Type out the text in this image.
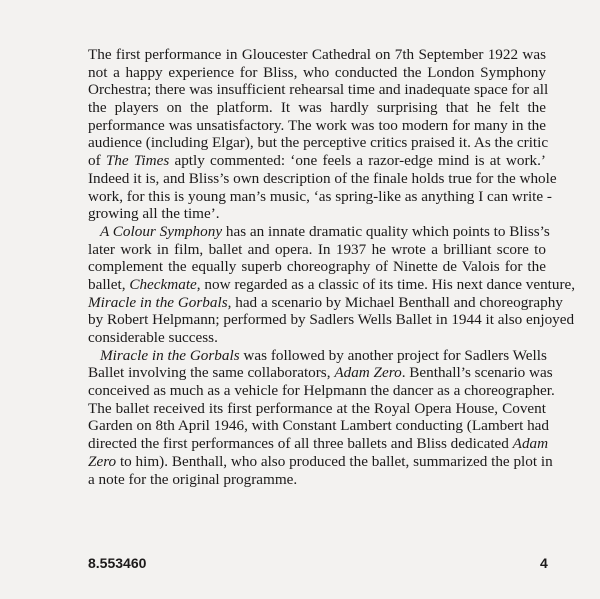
The first performance in Gloucester Cathedral on 7th September 1922 was
not a happy experience for Bliss, who conducted the London Symphony
Orchestra; there was insufficient rehearsal time and inadequate space for all
the players on the platform. It was hardly surprising that he felt the
performance was unsatisfactory. The work was too modern for many in the
audience (including Elgar), but the perceptive critics praised it. As the critic
of The Times aptly commented: ‘one feels a razor-edge mind is at work.’
Indeed it is, and Bliss’s own description of the finale holds true for the whole
work, for this is young man’s music, ‘as spring-like as anything I can write -
growing all the time’.
A Colour Symphony has an innate dramatic quality which points to Bliss’s
later work in film, ballet and opera. In 1937 he wrote a brilliant score to
complement the equally superb choreography of Ninette de Valois for the
ballet, Checkmate, now regarded as a classic of its time. His next dance venture,
Miracle in the Gorbals, had a scenario by Michael Benthall and choreography
by Robert Helpmann; performed by Sadlers Wells Ballet in 1944 it also enjoyed
considerable success.
Miracle in the Gorbals was followed by another project for Sadlers Wells
Ballet involving the same collaborators, Adam Zero. Benthall’s scenario was
conceived as much as a vehicle for Helpmann the dancer as a choreographer.
The ballet received its first performance at the Royal Opera House, Covent
Garden on 8th April 1946, with Constant Lambert conducting (Lambert had
directed the first performances of all three ballets and Bliss dedicated Adam
Zero to him). Benthall, who also produced the ballet, summarized the plot in
a note for the original programme.
8.553460	4
